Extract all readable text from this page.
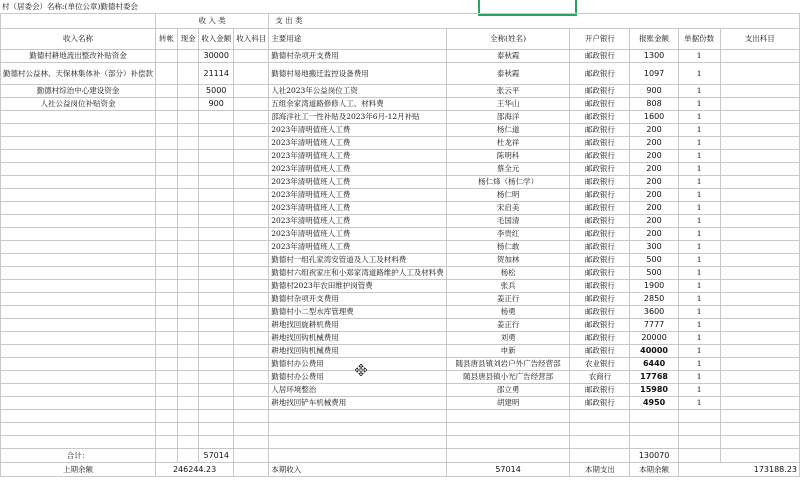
村（居委会）名称:(单位公章)勤德村委会
	收 入 类				支 出 类					
收入名称	转帐	现金	收入金额	收入科目	主要用途	全称(姓名)	开户银行	报账金额	单据份数	支出科目
勤德村耕地流出整改补贴资金			30000		勤德村杂项开支费用	泰秋霞	邮政银行	1300	1	
勤德村公益林、天保林集体补（部分）补偿款			21114		勤德村易地搬迁监控设备费用	泰秋霞	邮政银行	1097	1	
勤德村综治中心建设资金			5000		人社2023年公益岗位工资	张云平	邮政银行	900	1	
人社公益岗位补贴资金			900		五组余家湾道路修修人工、材料费	王华山	邮政银行	808	1	
					邵海洋社工一性补贴及2023年6月-12月补贴	邵海洋	邮政银行	1600	1	
					2023年清明值班人工费	杨仁道	邮政银行	200	1	
					2023年清明值班人工费	杜龙祥	邮政银行	200	1	
					2023年清明值班人工费	陈明科	邮政银行	200	1	
					2023年清明值班人工费	蔡全元	邮政银行	200	1	
					2023年清明值班人工费	杨仁烽（杨仁学）	邮政银行	200	1	
					2023年清明值班人工费	杨仁明	邮政银行	200	1	
					2023年清明值班人工费	宋启美	邮政银行	200	1	
					2023年清明值班人工费	毛国清	邮政银行	200	1	
					2023年清明值班人工费	李贵红	邮政银行	200	1	
					2023年清明值班人工费	杨仁敢	邮政银行	300	1	
					勤德村一组孔家湾安管道及人工及材料费	贺加林	邮政银行	500	1	
					勤德村六组祝家庄和小郑家湾道路维护人工及材料费	杨松	邮政银行	500	1	
					勤德村2023年农田维护岗管费	张兵	邮政银行	1900	1	
					勤德村杂项开支费用	姜正行	邮政银行	2850	1	
					勤德村小二型水库管理费	杨勇	邮政银行	3600	1	
					耕地找回旋耕机费用	姜正行	邮政银行	7777	1	
					耕地找回钩机械费用	刘勇	邮政银行	20000	1	
					耕地找回钩机械费用	申新	邮政银行	40000	1	
					勤德村办公费用	随县唐县镇刘岩户外广告经营部	农业银行	6440	1	
					勤德村办公费用	随县唐县镇小光广告经营部	农商行	17768	1	
					人居环境整治	邵立勇	邮政银行	15980	1	
					耕地找回铲车机械费用	胡建明	邮政银行	4950	1	

合计：			57014					130070		
上期余额	246244.23				本期收入	57014	本期支出	本期余额	173188.23	
